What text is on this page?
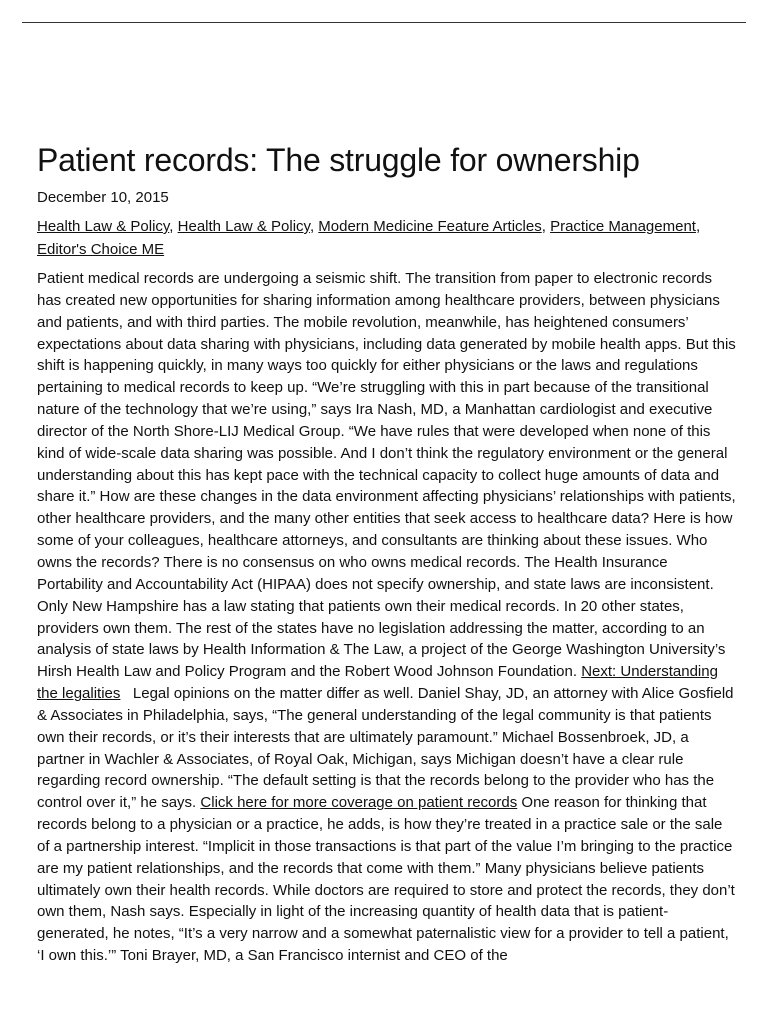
Patient records: The struggle for ownership
December 10, 2015
Health Law & Policy, Health Law & Policy, Modern Medicine Feature Articles, Practice Management, Editor's Choice ME
Patient medical records are undergoing a seismic shift. The transition from paper to electronic records has created new opportunities for sharing information among healthcare providers, between physicians and patients, and with third parties. The mobile revolution, meanwhile, has heightened consumers’ expectations about data sharing with physicians, including data generated by mobile health apps. But this shift is happening quickly, in many ways too quickly for either physicians or the laws and regulations pertaining to medical records to keep up. “We’re struggling with this in part because of the transitional nature of the technology that we’re using,” says Ira Nash, MD, a Manhattan cardiologist and executive director of the North Shore-LIJ Medical Group. “We have rules that were developed when none of this kind of wide-scale data sharing was possible. And I don’t think the regulatory environment or the general understanding about this has kept pace with the technical capacity to collect huge amounts of data and share it.” How are these changes in the data environment affecting physicians’ relationships with patients, other healthcare providers, and the many other entities that seek access to healthcare data? Here is how some of your colleagues, healthcare attorneys, and consultants are thinking about these issues. Who owns the records? There is no consensus on who owns medical records. The Health Insurance Portability and Accountability Act (HIPAA) does not specify ownership, and state laws are inconsistent. Only New Hampshire has a law stating that patients own their medical records. In 20 other states, providers own them. The rest of the states have no legislation addressing the matter, according to an analysis of state laws by Health Information & The Law, a project of the George Washington University’s Hirsh Health Law and Policy Program and the Robert Wood Johnson Foundation. Next: Understanding the legalities   Legal opinions on the matter differ as well. Daniel Shay, JD, an attorney with Alice Gosfield & Associates in Philadelphia, says, “The general understanding of the legal community is that patients own their records, or it’s their interests that are ultimately paramount.” Michael Bossenbroek, JD, a partner in Wachler & Associates, of Royal Oak, Michigan, says Michigan doesn’t have a clear rule regarding record ownership. “The default setting is that the records belong to the provider who has the control over it,” he says. Click here for more coverage on patient records One reason for thinking that records belong to a physician or a practice, he adds, is how they’re treated in a practice sale or the sale of a partnership interest. “Implicit in those transactions is that part of the value I’m bringing to the practice are my patient relationships, and the records that come with them.” Many physicians believe patients ultimately own their health records. While doctors are required to store and protect the records, they don’t own them, Nash says. Especially in light of the increasing quantity of health data that is patient-generated, he notes, “It’s a very narrow and a somewhat paternalistic view for a provider to tell a patient, ‘I own this.’” Toni Brayer, MD, a San Francisco internist and CEO of the
